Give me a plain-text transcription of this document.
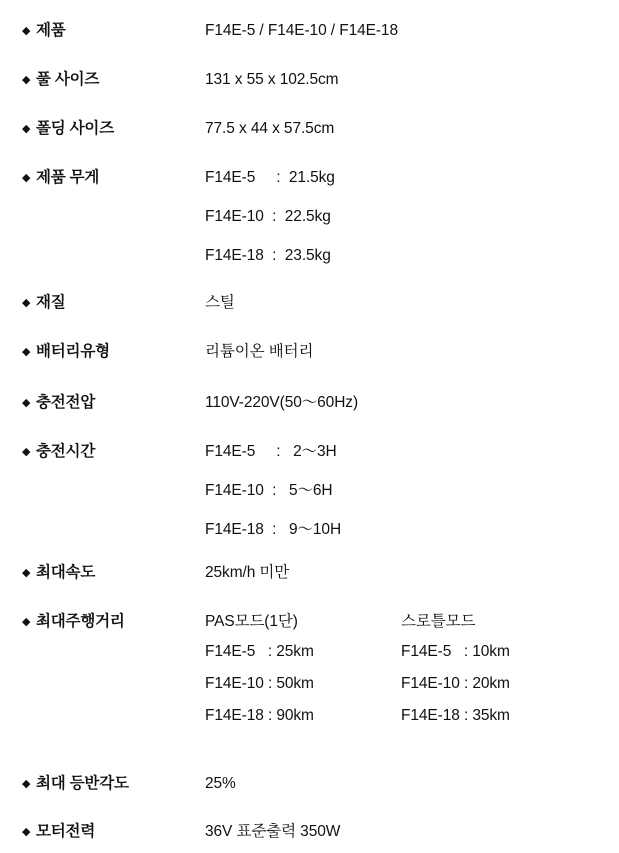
◆ 제품	F14E-5 / F14E-10 / F14E-18
◆ 풀 사이즈	131 x 55 x 102.5cm
◆ 폴딩 사이즈	77.5 x 44 x 57.5cm
◆ 제품 무게	F14E-5     :  21.5kg
F14E-10  :  22.5kg
F14E-18  :  23.5kg
◆ 재질	스틸
◆ 배터리유형	리튬이온 배터리
◆ 충전전압	110V-220V(50～60Hz)
◆ 충전시간	F14E-5     :   2～3H
F14E-10  :   5～6H
F14E-18  :   9～10H
◆ 최대속도	25km/h 미만
◆ 최대주행거리	PAS모드(1단)	스로틀모드
F14E-5   : 25km	F14E-5   : 10km
F14E-10 : 50km	F14E-10 : 20km
F14E-18 : 90km	F14E-18 : 35km
◆ 최대 등반각도	25%
◆ 모터전력	36V 표준출력 350W
